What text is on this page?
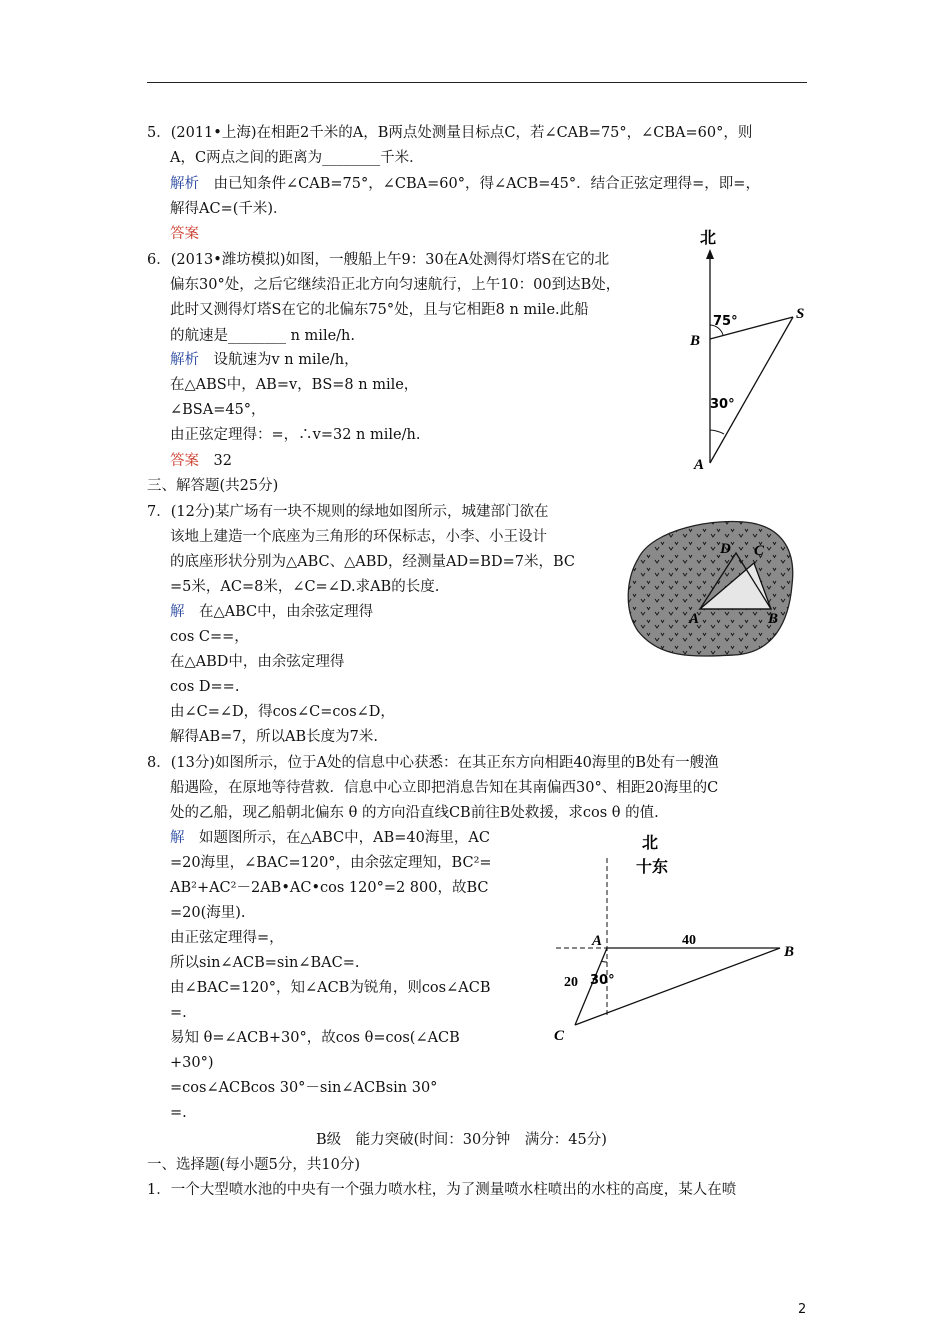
5．(2011•上海)在相距2千米的A，B两点处测量目标点C，若∠CAB=75°，∠CBA=60°，则
A，C两点之间的距离为________千米．
解析　 由已知条件∠CAB=75°，∠CBA=60°，得∠ACB=45°．结合正弦定理得=，即=，
解得AC=(千米)．
答案
6．(2013•潍坊模拟)如图，一艘船上午9：30在A处测得灯塔S在它的北
偏东30°处，之后它继续沿正北方向匀速航行，上午10：00到达B处，
此时又测得灯塔S在它的北偏东75°处，且与它相距8 n mile.此船
的航速是________ n mile/h.
解析　 设航速为v n mile/h，
在△ABS中，AB=v，BS=8 n mile，
∠BSA=45°，
由正弦定理得：=，∴v=32 n mile/h.
答案　 32
北
75°
30°
S
B
A
三、解答题(共25分)
7．(12分)某广场有一块不规则的绿地如图所示，城建部门欲在
该地上建造一个底座为三角形的环保标志，小李、小王设计
的底座形状分别为△ABC、△ABD，经测量AD=BD=7米，BC
=5米，AC=8米，∠C=∠D.求AB的长度.
解　 在△ABC中，由余弦定理得
cos C==，
在△ABD中，由余弦定理得
cos D==.
由∠C=∠D，得cos∠C=cos∠D，
解得AB=7，所以AB长度为7米.
D C
A	B
8．(13分)如图所示，位于A处的信息中心获悉：在其正东方向相距40海里的B处有一艘渔
船遇险，在原地等待营救．信息中心立即把消息告知在其南偏西30°、相距20海里的C
处的乙船，现乙船朝北偏东 θ 的方向沿直线CB前往B处救援，求cos θ 的值.
解　 如题图所示，在△ABC中，AB=40海里，AC
=20海里，∠BAC=120°，由余弦定理知，BC²=
AB²+AC²－2AB•AC•cos 120°=2 800，故BC
=20(海里).
由正弦定理得=，
所以sin∠ACB=sin∠BAC=.
由∠BAC=120°，知∠ACB为锐角，则cos∠ACB
=.
易知 θ=∠ACB+30°，故cos θ=cos(∠ACB
+30°)
=cos∠ACBcos 30°－sin∠ACBsin 30°
=.
北
十东
A
B
C
40
20 30°
B级　能力突破(时间：30分钟　满分：45分)
一、选择题(每小题5分，共10分)
1．一个大型喷水池的中央有一个强力喷水柱，为了测量喷水柱喷出的水柱的高度，某人在喷
2
